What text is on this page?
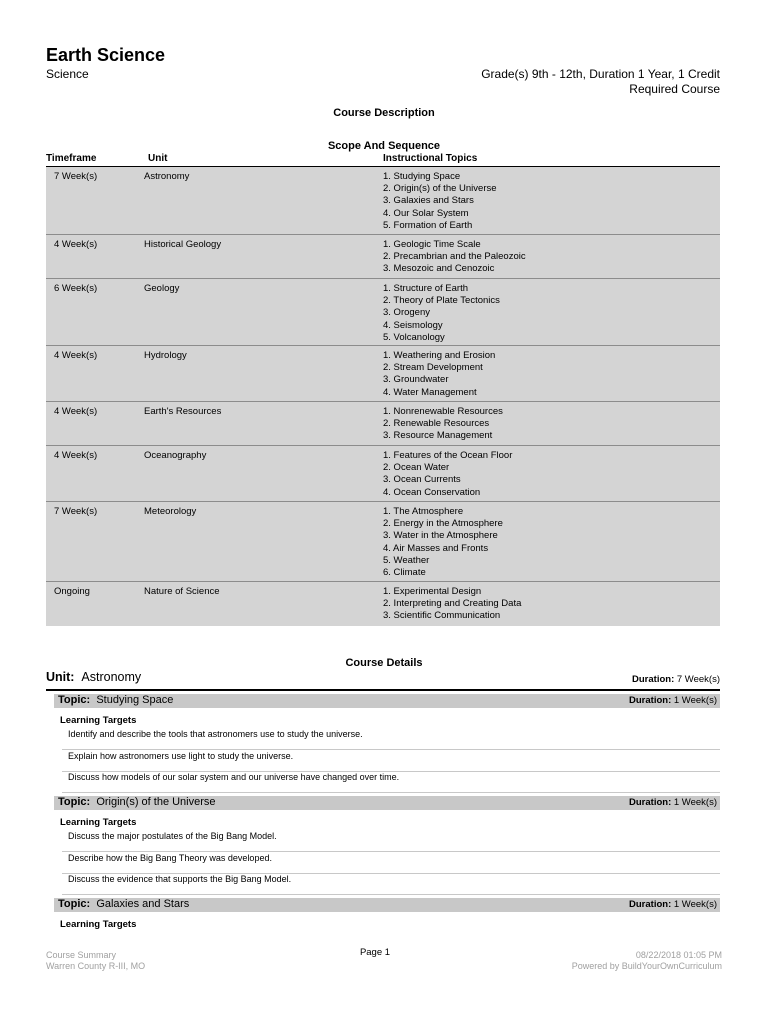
Earth Science
Science	Grade(s) 9th - 12th, Duration 1 Year, 1 Credit
Required Course
Course Description
Scope And Sequence
Timeframe	Unit	Instructional Topics
7 Week(s)	Astronomy	1. Studying Space
2. Origin(s) of the Universe
3. Galaxies and Stars
4. Our Solar System
5. Formation of Earth
4 Week(s)	Historical Geology	1. Geologic Time Scale
2. Precambrian and the Paleozoic
3. Mesozoic and Cenozoic
6 Week(s)	Geology	1. Structure of Earth
2. Theory of Plate Tectonics
3. Orogeny
4. Seismology
5. Volcanology
4 Week(s)	Hydrology	1. Weathering and Erosion
2. Stream Development
3. Groundwater
4. Water Management
4 Week(s)	Earth's Resources	1. Nonrenewable Resources
2. Renewable Resources
3. Resource Management
4 Week(s)	Oceanography	1. Features of the Ocean Floor
2. Ocean Water
3. Ocean Currents
4. Ocean Conservation
7 Week(s)	Meteorology	1. The Atmosphere
2. Energy in the Atmosphere
3. Water in the Atmosphere
4. Air Masses and Fronts
5. Weather
6. Climate
Ongoing	Nature of Science	1. Experimental Design
2. Interpreting and Creating Data
3. Scientific Communication
Course Details
Unit: Astronomy	Duration: 7 Week(s)
Topic: Studying Space	Duration: 1 Week(s)
Learning Targets
Identify and describe the tools that astronomers use to study the universe.
Explain how astronomers use light to study the universe.
Discuss how models of our solar system and our universe have changed over time.
Topic: Origin(s) of the Universe	Duration: 1 Week(s)
Learning Targets
Discuss the major postulates of the Big Bang Model.
Describe how the Big Bang Theory was developed.
Discuss the evidence that supports the Big Bang Model.
Topic: Galaxies and Stars	Duration: 1 Week(s)
Learning Targets
Course Summary
Warren County R-III, MO
Page 1	08/22/2018 01:05 PM
Powered by BuildYourOwnCurriculum
